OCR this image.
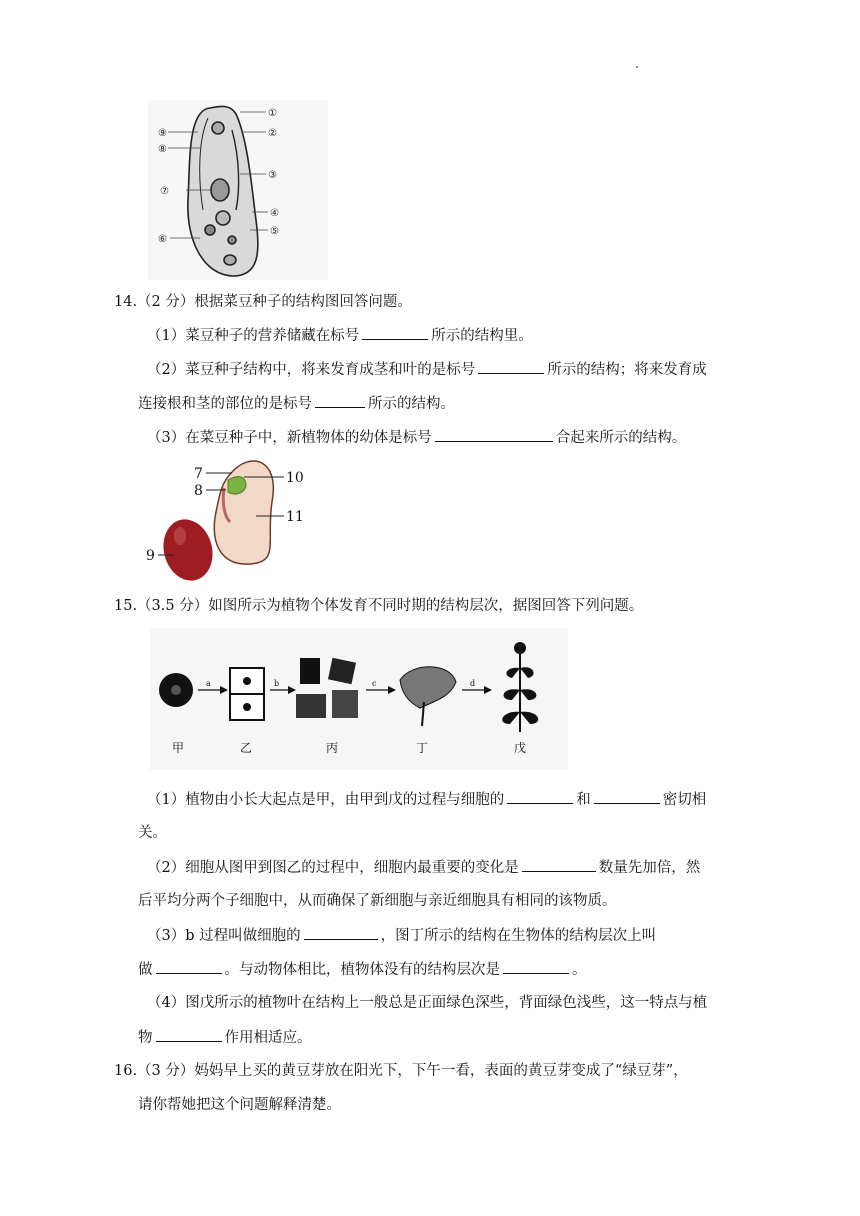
①
②
③
④
⑤
⑥
⑦
⑧
⑨
14.（2 分）根据菜豆种子的结构图回答问题。
（1）菜豆种子的营养储藏在标号	所示的结构里。
（2）菜豆种子结构中，将来发育成茎和叶的是标号	所示的结构；将来发育成
连接根和茎的部位的是标号	所示的结构。
（3）在菜豆种子中，新植物体的幼体是标号	合起来所示的结构。
7
8
9
10
11
15.（3.5 分）如图所示为植物个体发育不同时期的结构层次，据图回答下列问题。
a	b	c	d
甲	乙	丙	丁	戊
（1）植物由小长大起点是甲，由甲到戊的过程与细胞的	和	密切相
关。
（2）细胞从图甲到图乙的过程中，细胞内最重要的变化是	数量先加倍，然
后平均分两个子细胞中，从而确保了新细胞与亲近细胞具有相同的该物质。
（3）b 过程叫做细胞的	，图丁所示的结构在生物体的结构层次上叫
做	。与动物体相比，植物体没有的结构层次是	。
（4）图戊所示的植物叶在结构上一般总是正面绿色深些，背面绿色浅些，这一特点与植
物	作用相适应。
16.（3 分）妈妈早上买的黄豆芽放在阳光下，下午一看，表面的黄豆芽变成了“绿豆芽”，
请你帮她把这个问题解释清楚。
